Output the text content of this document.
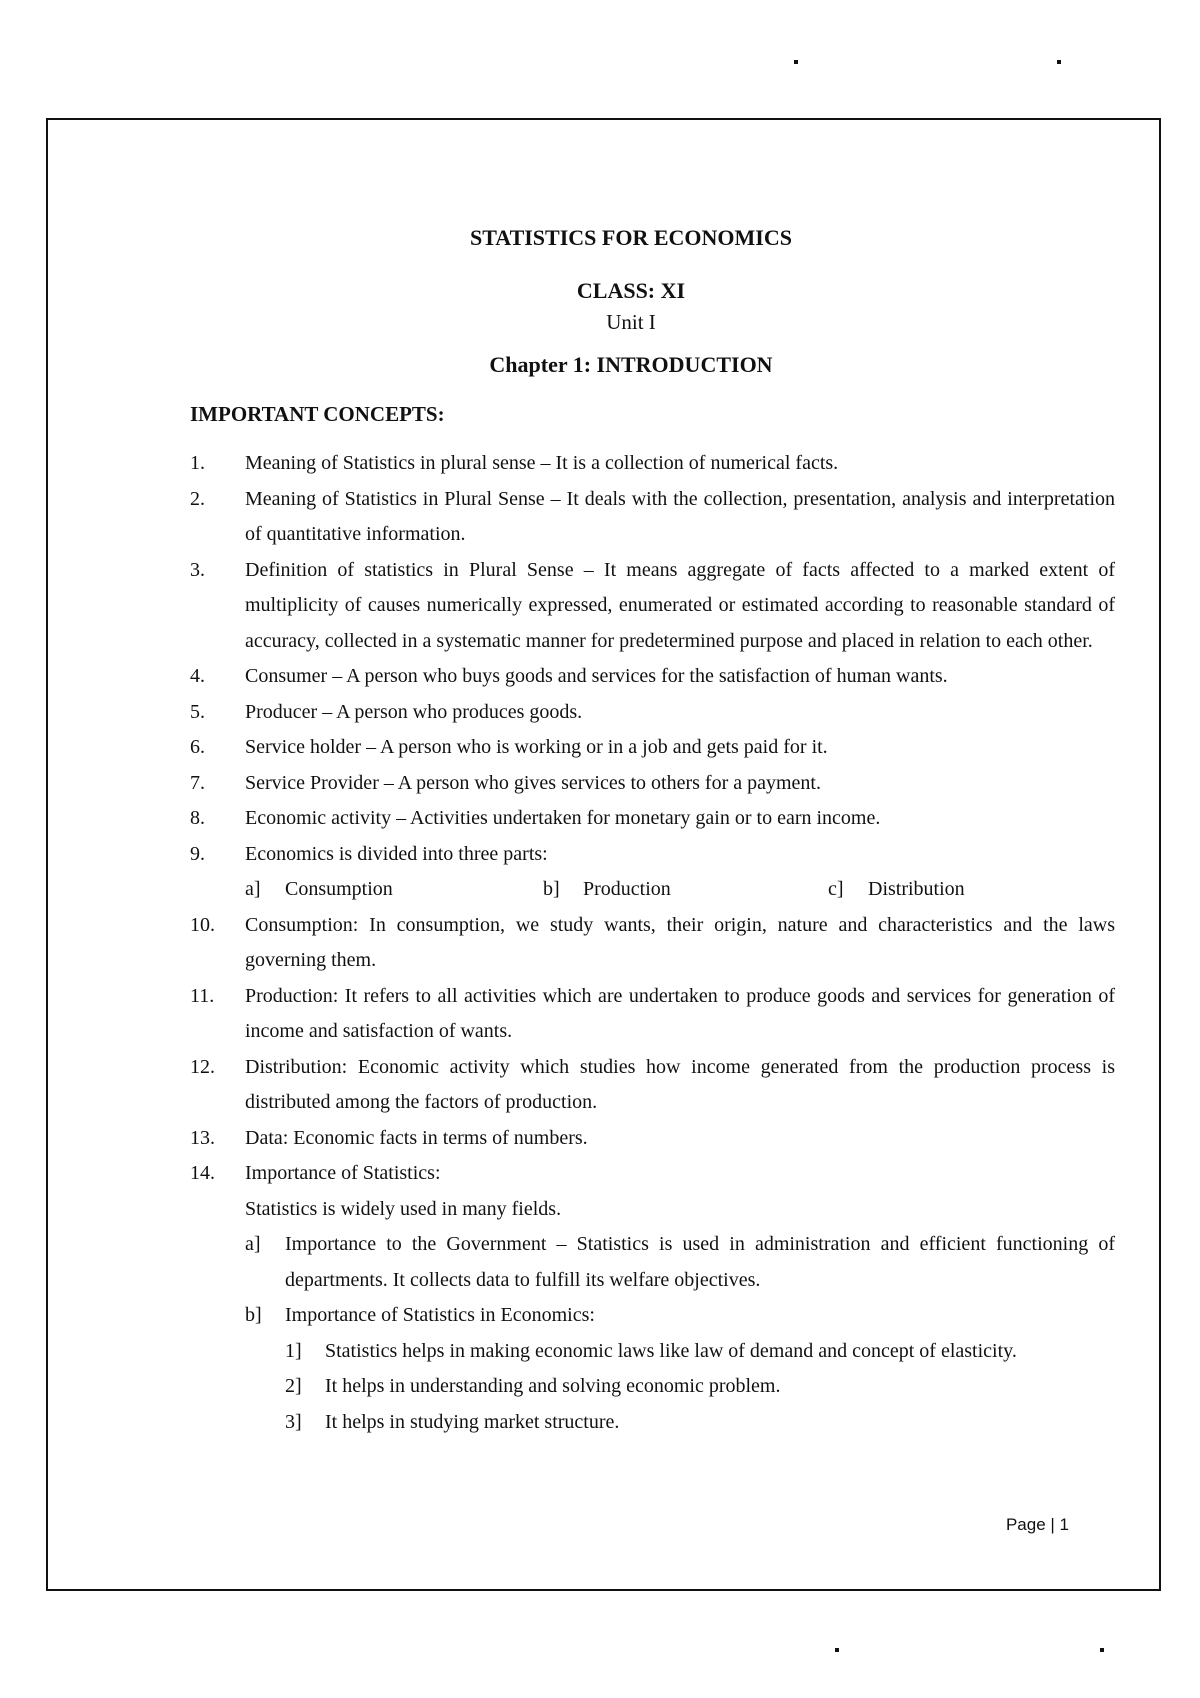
STATISTICS FOR ECONOMICS
CLASS: XI
Unit I
Chapter 1: INTRODUCTION
IMPORTANT CONCEPTS:
1.	Meaning of Statistics in plural sense – It is a collection of numerical facts.
2.	Meaning of Statistics in Plural Sense – It deals with the collection, presentation, analysis and interpretation of quantitative information.
3.	Definition of statistics in Plural Sense – It means aggregate of facts affected to a marked extent of multiplicity of causes numerically expressed, enumerated or estimated according to reasonable standard of accuracy, collected in a systematic manner for predetermined purpose and placed in relation to each other.
4.	Consumer – A person who buys goods and services for the satisfaction of human wants.
5.	Producer – A person who produces goods.
6.	Service holder – A person who is working or in a job and gets paid for it.
7.	Service Provider – A person who gives services to others for a payment.
8.	Economic activity – Activities undertaken for monetary gain or to earn income.
9.	Economics is divided into three parts:
a]	Consumption	b]	Production	c]	Distribution
10.	Consumption: In consumption, we study wants, their origin, nature and characteristics and the laws governing them.
11.	Production: It refers to all activities which are undertaken to produce goods and services for generation of income and satisfaction of wants.
12.	Distribution: Economic activity which studies how income generated from the production process is distributed among the factors of production.
13.	Data: Economic facts in terms of numbers.
14.	Importance of Statistics:
Statistics is widely used in many fields.
a]	Importance to the Government – Statistics is used in administration and efficient functioning of departments. It collects data to fulfill its welfare objectives.
b]	Importance of Statistics in Economics:
1]	Statistics helps in making economic laws like law of demand and concept of elasticity.
2]	It helps in understanding and solving economic problem.
3]	It helps in studying market structure.
Page | 1
